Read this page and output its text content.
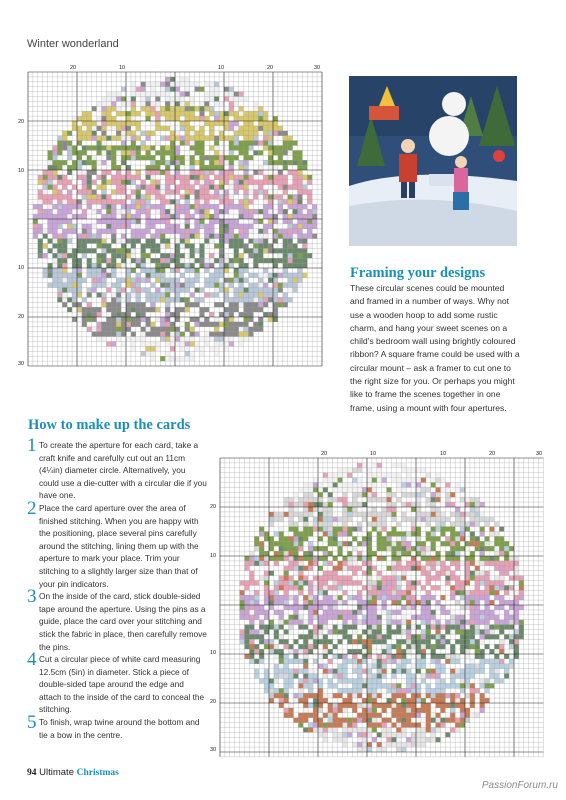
Winter wonderland
20	10	10	20	30
20
10
10
20
30
Framing your designs
These circular scenes could be mounted and framed in a number of ways. Why not use a wooden hoop to add some rustic charm, and hang your sweet scenes on a child's bedroom wall using brightly coloured ribbon? A square frame could be used with a circular mount – ask a framer to cut one to the right size for you. Or perhaps you might like to frame the scenes together in one frame, using a mount with four apertures.
How to make up the cards
1 To create the aperture for each card, take a craft knife and carefully cut out an 11cm (4¼in) diameter circle. Alternatively, you could use a die-cutter with a circular die if you have one.
2 Place the card aperture over the area of finished stitching. When you are happy with the positioning, place several pins carefully around the stitching, lining them up with the aperture to mark your place. Trim your stitching to a slightly larger size than that of your pin indicators.
3 On the inside of the card, stick double-sided tape around the aperture. Using the pins as a guide, place the card over your stitching and stick the fabric in place, then carefully remove the pins.
4 Cut a circular piece of white card measuring 12.5cm (5in) in diameter. Stick a piece of double-sided tape around the edge and attach to the inside of the card to conceal the stitching.
5 To finish, wrap twine around the bottom and tie a bow in the centre.
20	10	10	20	30
20
10
10
20
30
94 Ultimate Christmas
PassionForum.ru
